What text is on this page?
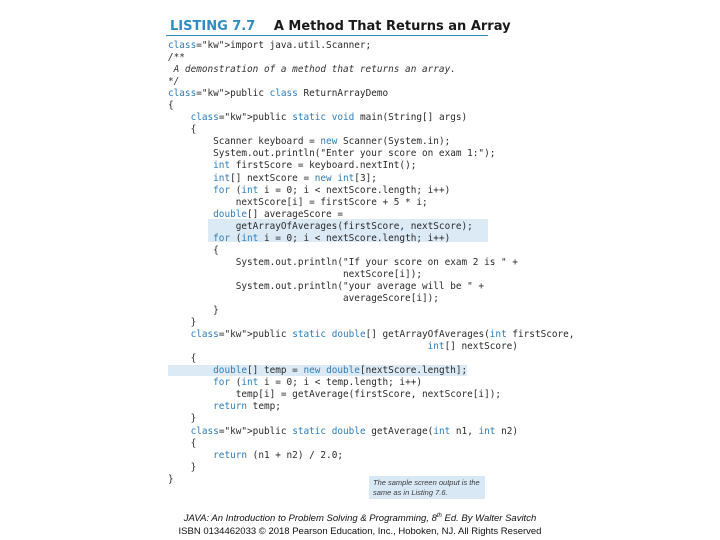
LISTING 7.7 A Method That Returns an Array
class="kw">import java.util.Scanner;
/**
A demonstration of a method that returns an array.
*/
class="kw">public class ReturnArrayDemo
{
class="kw">public static void main(String[] args)
{
Scanner keyboard = new Scanner(System.in);
System.out.println("Enter your score on exam 1:");
int firstScore = keyboard.nextInt();
int[] nextScore = new int[3];
for (int i = 0; i < nextScore.length; i++)
nextScore[i] = firstScore + 5 * i;
double[] averageScore =
getArrayOfAverages(firstScore, nextScore);
for (int i = 0; i < nextScore.length; i++)
{
System.out.println("If your score on exam 2 is " +
nextScore[i]);
System.out.println("your average will be " +
averageScore[i]);
}
}
class="kw">public static double[] getArrayOfAverages(int firstScore,
int[] nextScore)
{
double[] temp = new double[nextScore.length];
for (int i = 0; i < temp.length; i++)
temp[i] = getAverage(firstScore, nextScore[i]);
return temp;
}
class="kw">public static double getAverage(int n1, int n2)
{
return (n1 + n2) / 2.0;
}
}	The sample screen output is the same as in Listing 7.6.
JAVA: An Introduction to Problem Solving & Programming, 8th Ed. By Walter Savitch
ISBN 0134462033 © 2018 Pearson Education, Inc., Hoboken, NJ. All Rights Reserved
